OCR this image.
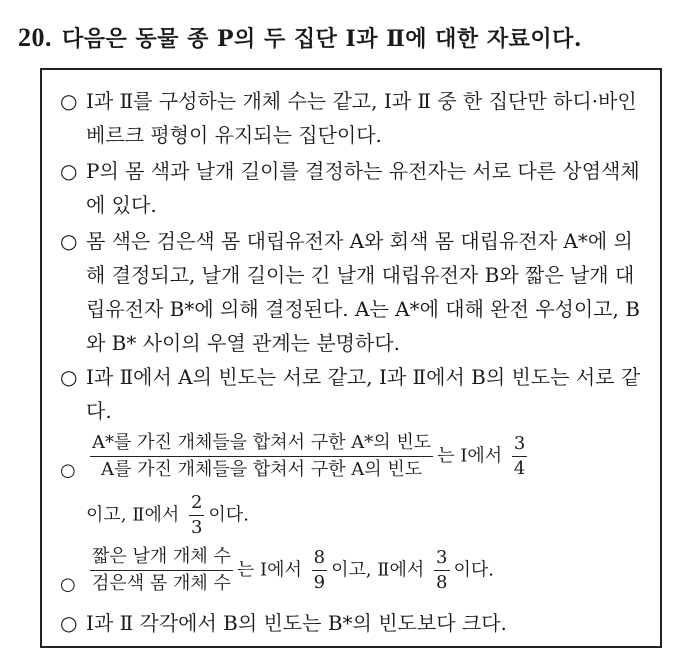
20. 다음은 동물 종 P의 두 집단 Ⅰ과 Ⅱ에 대한 자료이다.
○ Ⅰ과 Ⅱ를 구성하는 개체 수는 같고, Ⅰ과 Ⅱ 중 한 집단만 하디·바인베르크 평형이 유지되는 집단이다.
○ P의 몸 색과 날개 길이를 결정하는 유전자는 서로 다른 상염색체에 있다.
○ 몸 색은 검은색 몸 대립유전자 A와 회색 몸 대립유전자 A*에 의해 결정되고, 날개 길이는 긴 날개 대립유전자 B와 짧은 날개 대립유전자 B*에 의해 결정된다. A는 A*에 대해 완전 우성이고, B와 B* 사이의 우열 관계는 분명하다.
○ Ⅰ과 Ⅱ에서 A의 빈도는 서로 같고, Ⅰ과 Ⅱ에서 B의 빈도는 서로 같다.
○ $\frac{\text{A*를 가진 개체들을 합쳐서 구한 A*의 빈도}}{\text{A를 가진 개체들을 합쳐서 구한 A의 빈도}}$ 는 Ⅰ에서 $\frac{3}{4}$
이고, Ⅱ에서 $\frac{2}{3}$ 이다.
○ $\frac{\text{짧은 날개 개체 수}}{\text{검은색 몸 개체 수}}$ 는 Ⅰ에서 $\frac{8}{9}$ 이고, Ⅱ에서 $\frac{3}{8}$ 이다.
○ Ⅰ과 Ⅱ 각각에서 B의 빈도는 B*의 빈도보다 크다.
